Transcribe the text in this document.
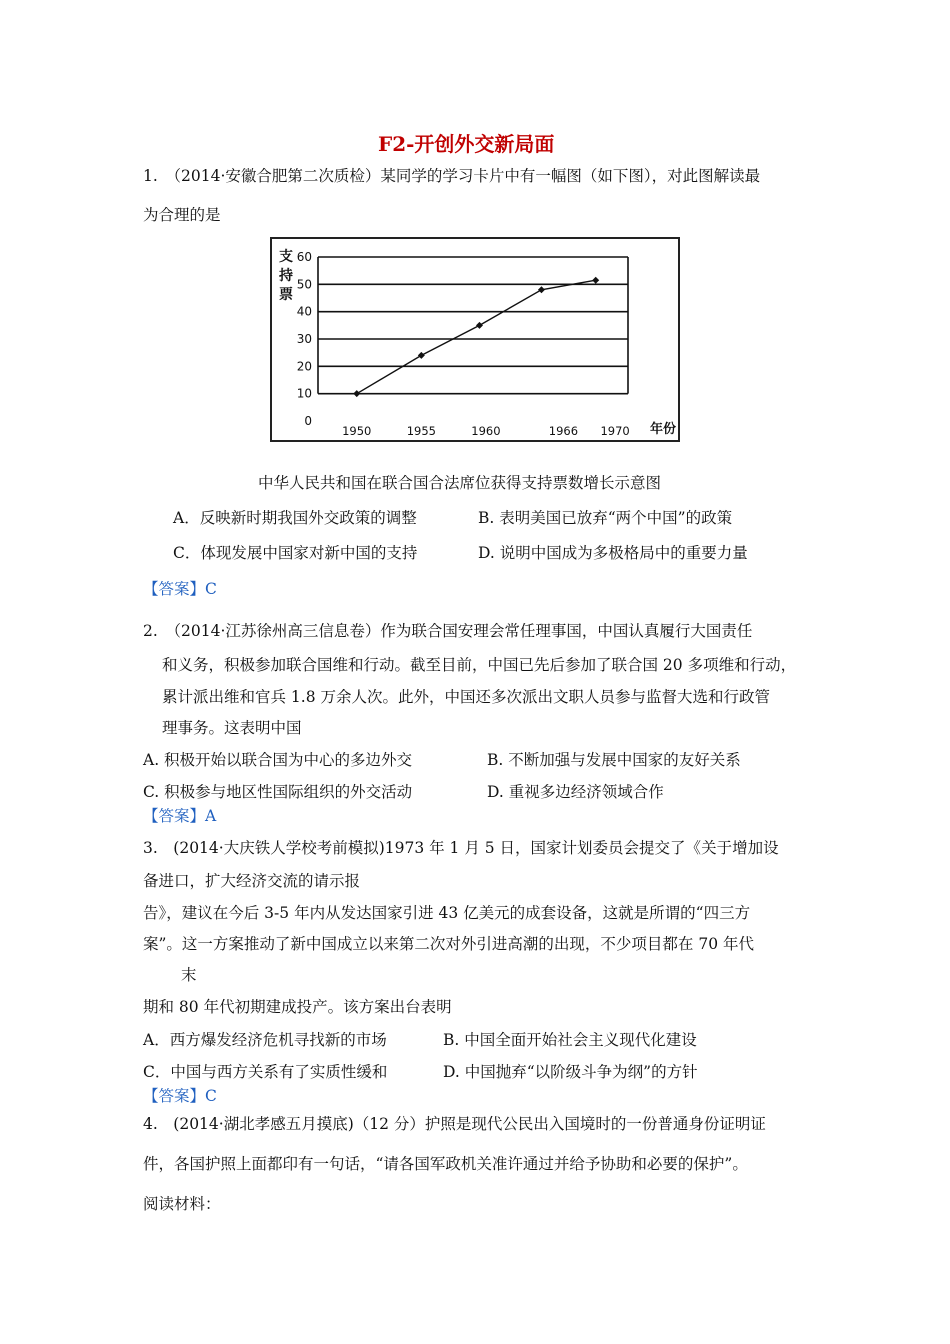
F2-开创外交新局面
1.　（2014·安徽合肥第二次质检）某同学的学习卡片中有一幅图（如下图），对此图解读最
为合理的是
0
10
20
30
40
50
60
1950	1955	1960	1966 1970 年份
支
持
票
中华人民共和国在联合国合法席位获得支持票数增长示意图
A．反映新时期我国外交政策的调整	B. 表明美国已放弃“两个中国”的政策
C．体现发展中国家对新中国的支持	D. 说明中国成为多极格局中的重要力量
【答案】C
2.　（2014·江苏徐州高三信息卷）作为联合国安理会常任理事国，中国认真履行大国责任
和义务，积极参加联合国维和行动。截至目前，中国已先后参加了联合国 20 多项维和行动，
累计派出维和官兵 1.8 万余人次。此外，中国还多次派出文职人员参与监督大选和行政管
理事务。这表明中国
A. 积极开始以联合国为中心的多边外交	B. 不断加强与发展中国家的友好关系
C. 积极参与地区性国际组织的外交活动	D. 重视多边经济领域合作
【答案】A
3.　(2014·大庆铁人学校考前模拟)1973 年 1 月 5 日，国家计划委员会提交了《关于增加设
备进口，扩大经济交流的请示报
告》，建议在今后 3-5 年内从发达国家引进 43 亿美元的成套设备，这就是所谓的“四三方
案”。这一方案推动了新中国成立以来第二次对外引进高潮的出现，不少项目都在 70 年代
末
期和 80 年代初期建成投产。该方案出台表明
A．西方爆发经济危机寻找新的市场	B. 中国全面开始社会主义现代化建设
C．中国与西方关系有了实质性缓和	D. 中国抛弃“以阶级斗争为纲”的方针
【答案】C
4.　(2014·湖北孝感五月摸底)（12 分）护照是现代公民出入国境时的一份普通身份证明证
件，各国护照上面都印有一句话，“请各国军政机关准许通过并给予协助和必要的保护”。
阅读材料：
